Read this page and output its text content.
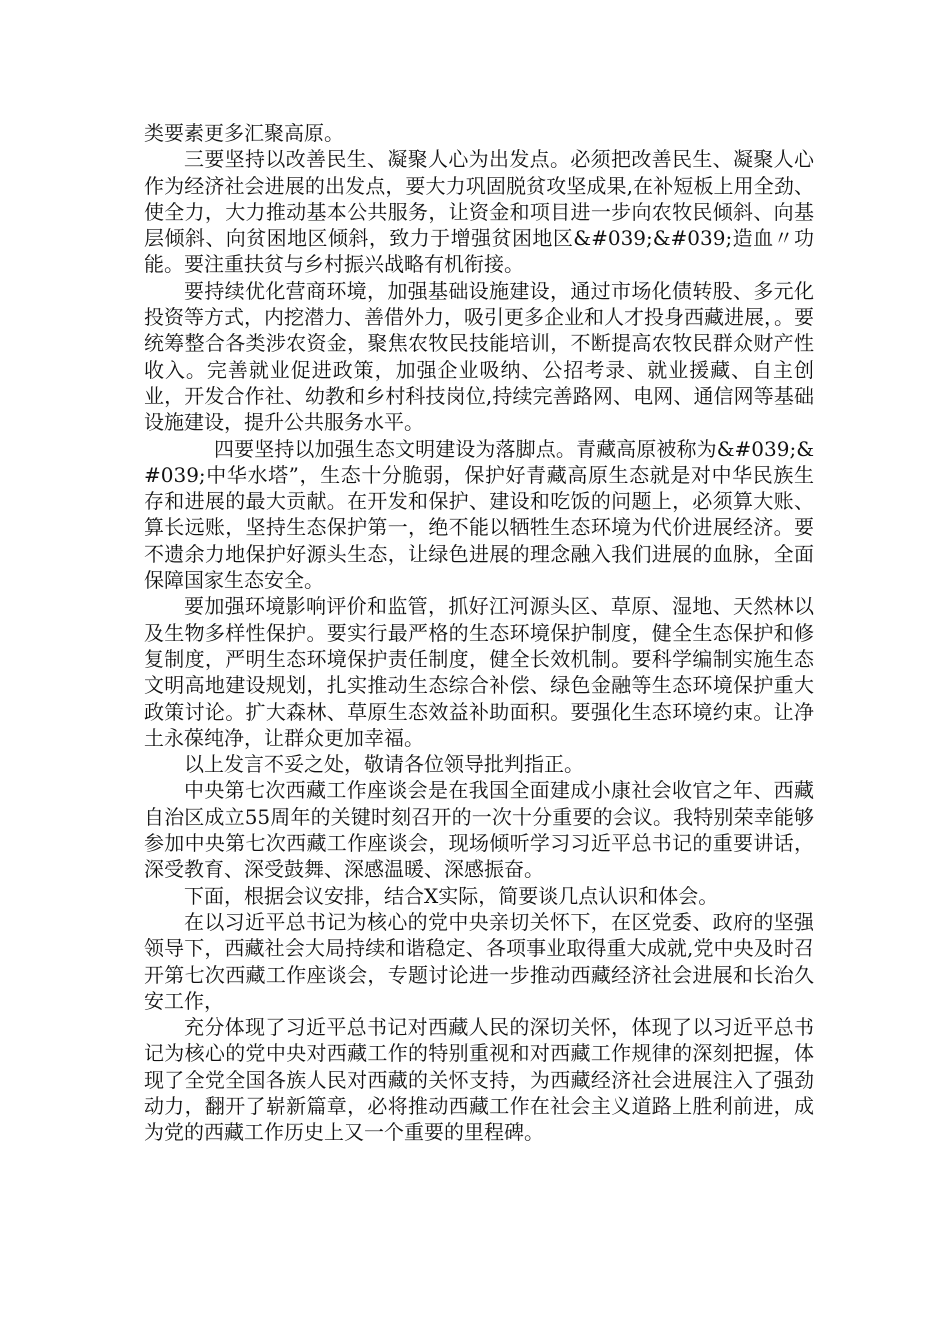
类要素更多汇聚高原。

三要坚持以改善民生、凝聚人心为出发点。必须把改善民生、凝聚人心作为经济社会进展的出发点，要大力巩固脱贫攻坚成果,在补短板上用全劲、使全力，大力推动基本公共服务，让资金和项目进一步向农牧民倾斜、向基层倾斜、向贫困地区倾斜，致力于增强贫困地区&#039;&#039;造血〃功能。要注重扶贫与乡村振兴战略有机衔接。

要持续优化营商环境，加强基础设施建设，通过市场化债转股、多元化投资等方式，内挖潜力、善借外力，吸引更多企业和人才投身西藏进展，。要统筹整合各类涉农资金，聚焦农牧民技能培训，不断提高农牧民群众财产性收入。完善就业促进政策，加强企业吸纳、公招考录、就业援藏、自主创业，开发合作社、幼教和乡村科技岗位,持续完善路网、电网、通信网等基础设施建设，提升公共服务水平。

四要坚持以加强生态文明建设为落脚点。青藏高原被称为&#039;&#039;中华水塔”，生态十分脆弱，保护好青藏高原生态就是对中华民族生存和进展的最大贡献。在开发和保护、建设和吃饭的问题上，必须算大账、算长远账，坚持生态保护第一，绝不能以牺牲生态环境为代价进展经济。要不遗余力地保护好源头生态，让绿色进展的理念融入我们进展的血脉，全面保障国家生态安全。

要加强环境影响评价和监管，抓好江河源头区、草原、湿地、天然林以及生物多样性保护。要实行最严格的生态环境保护制度，健全生态保护和修复制度，严明生态环境保护责任制度，健全长效机制。要科学编制实施生态文明高地建设规划，扎实推动生态综合补偿、绿色金融等生态环境保护重大政策讨论。扩大森林、草原生态效益补助面积。要强化生态环境约束。让净土永葆纯净，让群众更加幸福。

以上发言不妥之处，敬请各位领导批判指正。

中央第七次西藏工作座谈会是在我国全面建成小康社会收官之年、西藏自治区成立55周年的关键时刻召开的一次十分重要的会议。我特别荣幸能够参加中央第七次西藏工作座谈会，现场倾听学习习近平总书记的重要讲话，深受教育、深受鼓舞、深感温暖、深感振奋。

下面，根据会议安排，结合X实际，简要谈几点认识和体会。

在以习近平总书记为核心的党中央亲切关怀下，在区党委、政府的坚强领导下，西藏社会大局持续和谐稳定、各项事业取得重大成就,党中央及时召开第七次西藏工作座谈会，专题讨论进一步推动西藏经济社会进展和长治久安工作，

充分体现了习近平总书记对西藏人民的深切关怀，体现了以习近平总书记为核心的党中央对西藏工作的特别重视和对西藏工作规律的深刻把握，体现了全党全国各族人民对西藏的关怀支持，为西藏经济社会进展注入了强劲动力，翻开了崭新篇章，必将推动西藏工作在社会主义道路上胜利前进，成为党的西藏工作历史上又一个重要的里程碑。
